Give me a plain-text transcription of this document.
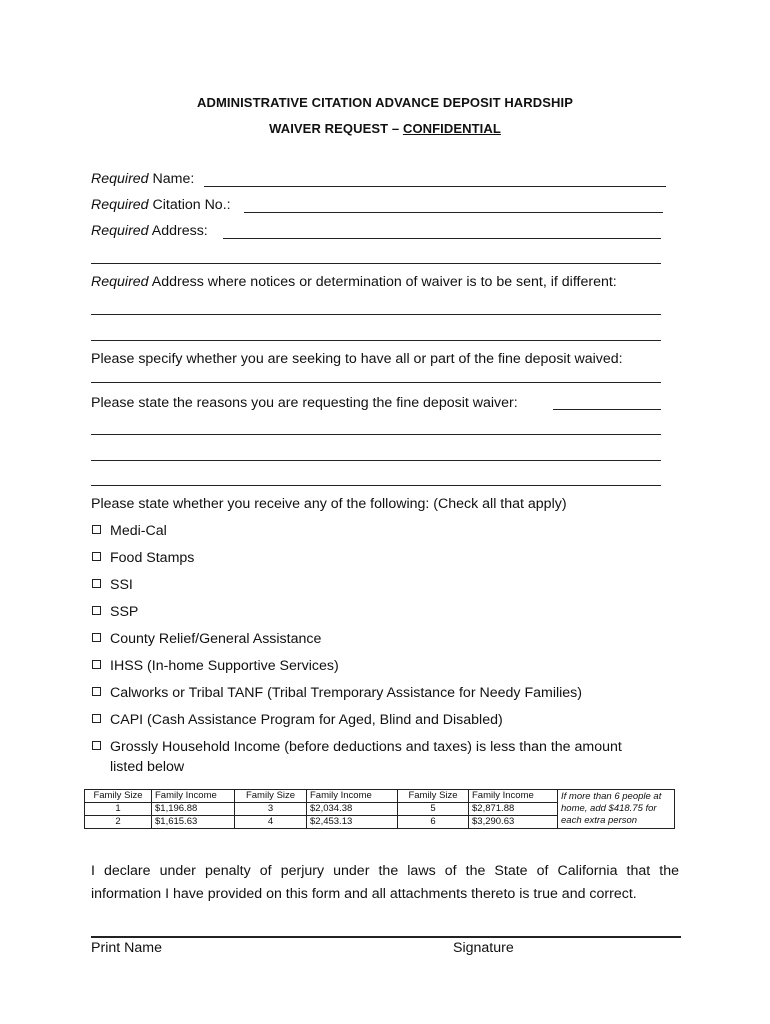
ADMINISTRATIVE CITATION ADVANCE DEPOSIT HARDSHIP
WAIVER REQUEST – CONFIDENTIAL
Required Name:
Required Citation No.:
Required Address:
Required Address where notices or determination of waiver is to be sent, if different:
Please specify whether you are seeking to have all or part of the fine deposit waived:
Please state the reasons you are requesting the fine deposit waiver:
Please state whether you receive any of the following: (Check all that apply)
Medi-Cal
Food Stamps
SSI
SSP
County Relief/General Assistance
IHSS (In-home Supportive Services)
Calworks or Tribal TANF (Tribal Tremporary Assistance for Needy Families)
CAPI (Cash Assistance Program for Aged, Blind and Disabled)
Grossly Household Income (before deductions and taxes) is less than the amount
listed below
Family Size	Family Income	Family Size	Family Income	Family Size	Family Income	If more than 6 people at home, add $418.75 for each extra person
1	$1,196.88	3	$2,034.38	5	$2,871.88	
2	$1,615.63	4	$2,453.13	6	$3,290.63	
I declare under penalty of perjury under the laws of the State of California that the
information I have provided on this form and all attachments thereto is true and correct.
Print Name	Signature
